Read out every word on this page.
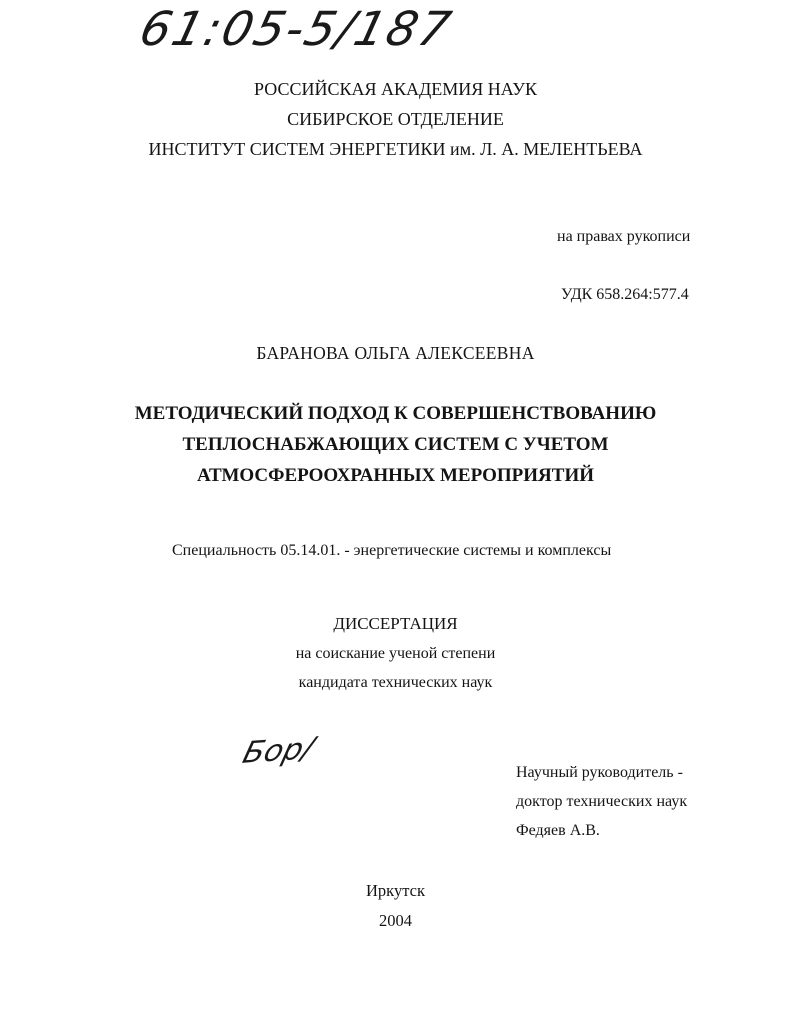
61:05-5/187
РОССИЙСКАЯ АКАДЕМИЯ НАУК
СИБИРСКОЕ ОТДЕЛЕНИЕ
ИНСТИТУТ СИСТЕМ ЭНЕРГЕТИКИ им. Л. А. МЕЛЕНТЬЕВА
на правах рукописи
УДК 658.264:577.4
БАРАНОВА ОЛЬГА АЛЕКСЕЕВНА
МЕТОДИЧЕСКИЙ ПОДХОД К СОВЕРШЕНСТВОВАНИЮ
ТЕПЛОСНАБЖАЮЩИХ СИСТЕМ С УЧЕТОМ
АТМОСФЕРООХРАННЫХ МЕРОПРИЯТИЙ
Специальность 05.14.01. - энергетические системы и комплексы
ДИССЕРТАЦИЯ
на соискание ученой степени
кандидата технических наук
Бор/
Научный руководитель -
доктор технических наук
Федяев А.В.
Иркутск
2004
